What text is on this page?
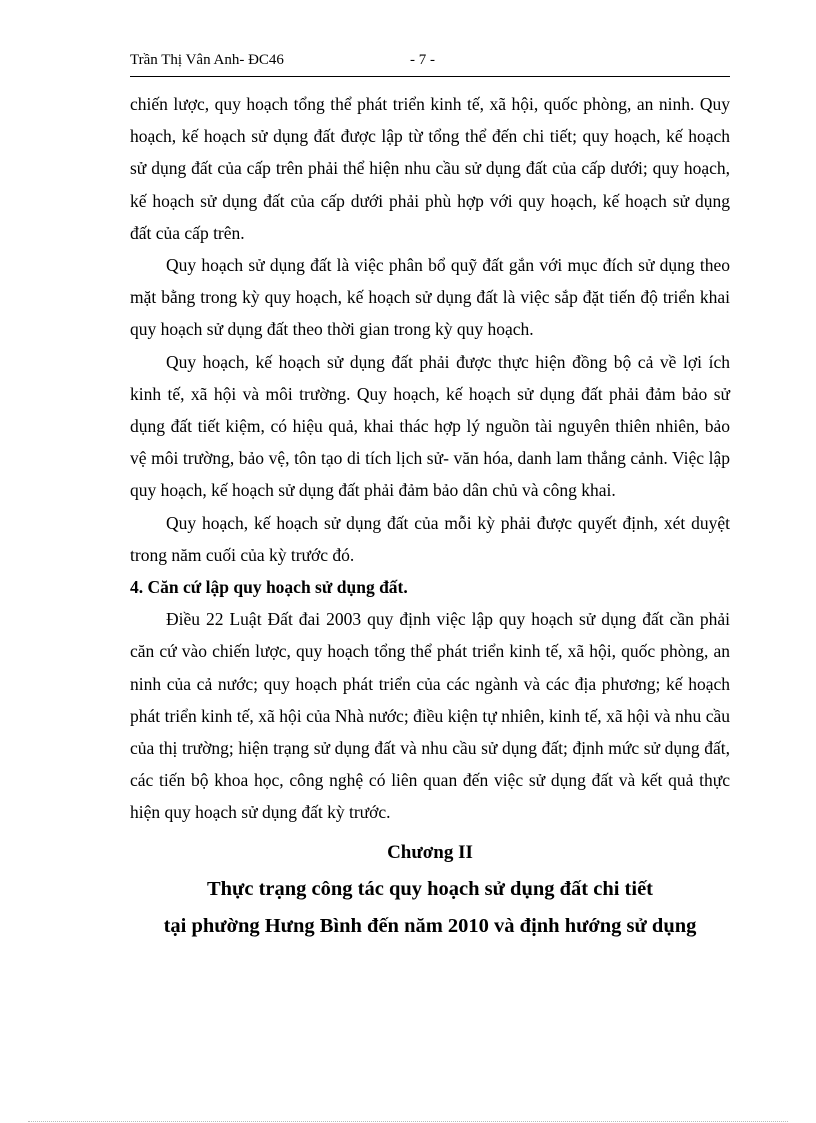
Trần Thị Vân Anh- ĐC46	- 7 -

chiến lược, quy hoạch tổng thể phát triển kinh tế, xã hội, quốc phòng, an ninh. Quy hoạch, kế hoạch sử dụng đất được lập từ tổng thể đến chi tiết; quy hoạch, kế hoạch sử dụng đất của cấp trên phải thể hiện nhu cầu sử dụng đất của cấp dưới; quy hoạch, kế hoạch sử dụng đất của cấp dưới phải phù hợp với quy hoạch, kế hoạch sử dụng đất của cấp trên.

Quy hoạch sử dụng đất là việc phân bổ quỹ đất gắn với mục đích sử dụng theo mặt bằng trong kỳ quy hoạch, kế hoạch sử dụng đất là việc sắp đặt tiến độ triển khai quy hoạch sử dụng đất theo thời gian trong kỳ quy hoạch.

Quy hoạch, kế hoạch sử dụng đất phải được thực hiện đồng bộ cả về lợi ích kinh tế, xã hội và môi trường. Quy hoạch, kế hoạch sử dụng đất phải đảm bảo sử dụng đất tiết kiệm, có hiệu quả, khai thác hợp lý nguồn tài nguyên thiên nhiên, bảo vệ môi trường, bảo vệ, tôn tạo di tích lịch sử- văn hóa, danh lam thắng cảnh. Việc lập quy hoạch, kế hoạch sử dụng đất phải đảm bảo dân chủ và công khai.

Quy hoạch, kế hoạch sử dụng đất của mỗi kỳ phải được quyết định, xét duyệt trong năm cuối của kỳ trước đó.

4. Căn cứ lập quy hoạch sử dụng đất.

Điều 22 Luật Đất đai 2003 quy định việc lập quy hoạch sử dụng đất cần phải căn cứ vào chiến lược, quy hoạch tổng thể phát triển kinh tế, xã hội, quốc phòng, an ninh của cả nước; quy hoạch phát triển của các ngành và các địa phương; kế hoạch phát triển kinh tế, xã hội của Nhà nước; điều kiện tự nhiên, kinh tế, xã hội và nhu cầu của thị trường; hiện trạng sử dụng đất và nhu cầu sử dụng đất; định mức sử dụng đất, các tiến bộ khoa học, công nghệ có liên quan đến việc sử dụng đất và kết quả thực hiện quy hoạch sử dụng đất kỳ trước.

Chương II
Thực trạng công tác quy hoạch sử dụng đất chi tiết
tại phường Hưng Bình đến năm 2010 và định hướng sử dụng
